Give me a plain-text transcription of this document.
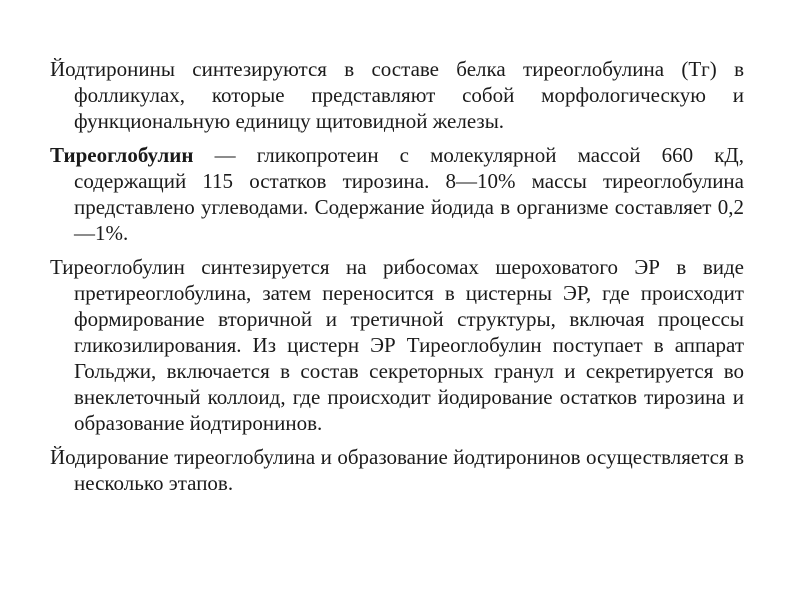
Йодтиронины синтезируются в составе белка тиреоглобулина (Тг) в фолликулах, которые представляют собой морфологическую и функциональную единицу щитовидной железы.

Тиреоглобулин — гликопротеин с молекулярной массой 660 кД, содержащий 115 остатков тирозина. 8—10% массы тиреоглобулина представлено углеводами. Содержание йодида в организме составляет 0,2—1%.

Тиреоглобулин синтезируется на рибосомах шероховатого ЭР в виде претиреоглобулина, затем переносится в цистерны ЭР, где происходит формирование вторичной и третичной структуры, включая процессы гликозилирования. Из цистерн ЭР Тиреоглобулин поступает в аппарат Гольджи, включается в состав секреторных гранул и секретируется во внеклеточный коллоид, где происходит йодирование остатков тирозина и образование йодтиронинов.

Йодирование тиреоглобулина и образование йодтиронинов осуществляется в несколько этапов.
